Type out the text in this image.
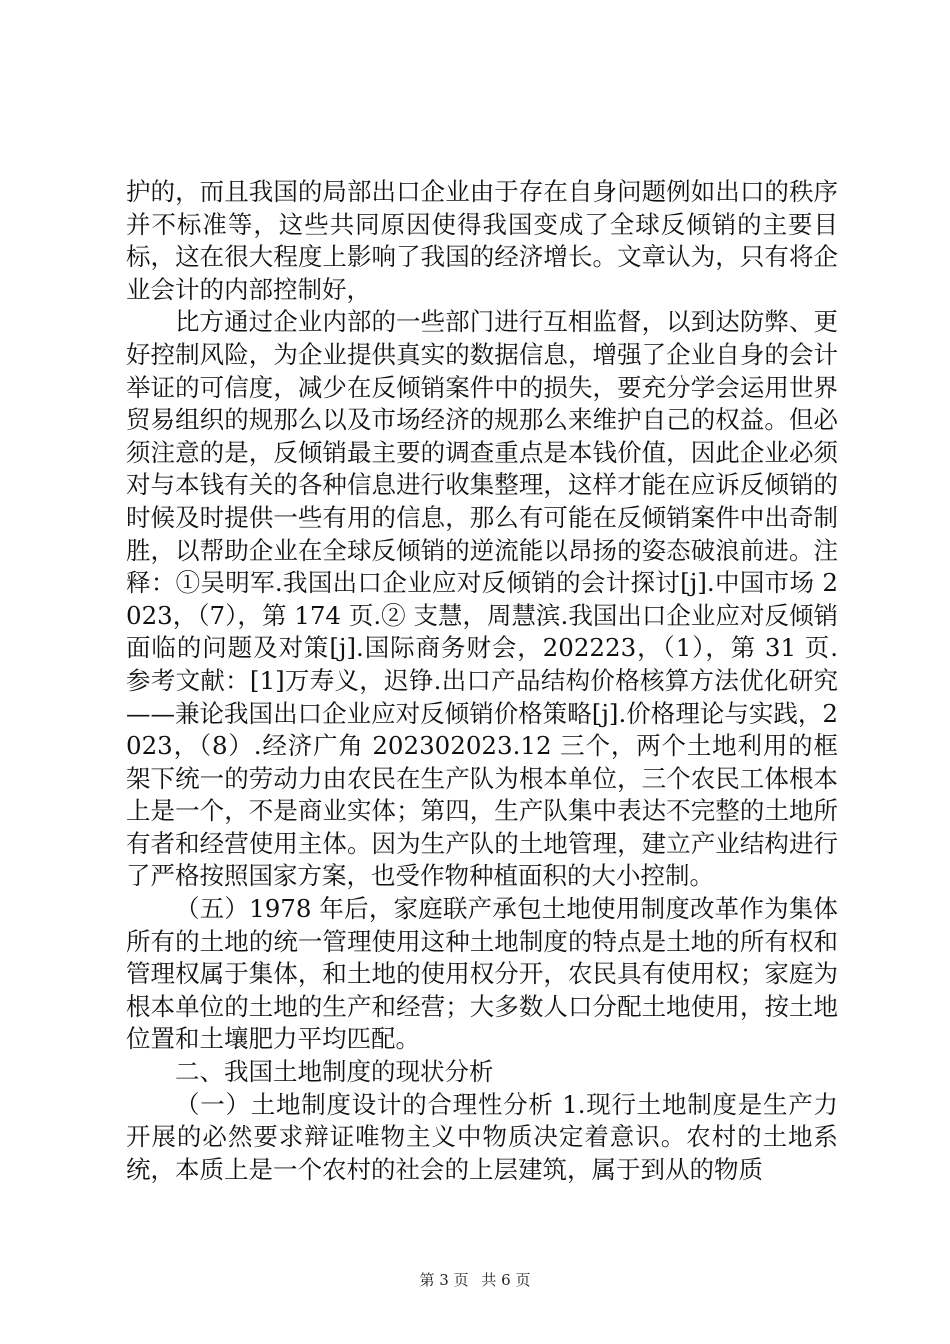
护的，而且我国的局部出口企业由于存在自身问题例如出口的秩序并不标准等，这些共同原因使得我国变成了全球反倾销的主要目标，这在很大程度上影响了我国的经济增长。文章认为，只有将企业会计的内部控制好，

比方通过企业内部的一些部门进行互相监督，以到达防弊、更好控制风险，为企业提供真实的数据信息，增强了企业自身的会计举证的可信度，减少在反倾销案件中的损失，要充分学会运用世界贸易组织的规那么以及市场经济的规那么来维护自己的权益。但必须注意的是，反倾销最主要的调查重点是本钱价值，因此企业必须对与本钱有关的各种信息进行收集整理，这样才能在应诉反倾销的时候及时提供一些有用的信息，那么有可能在反倾销案件中出奇制胜，以帮助企业在全球反倾销的逆流能以昂扬的姿态破浪前进。注释：①吴明军.我国出口企业应对反倾销的会计探讨[j].中国市场 2023，（7），第 174 页.② 支慧，周慧滨.我国出口企业应对反倾销面临的问题及对策[j].国际商务财会，202223，（1），第 31 页.参考文献：[1]万寿义，迟铮.出口产品结构价格核算方法优化研究——兼论我国出口企业应对反倾销价格策略[j].价格理论与实践，2023，（8）.经济广角 202302023.12 三个，两个土地利用的框架下统一的劳动力由农民在生产队为根本单位，三个农民工体根本上是一个，不是商业实体；第四，生产队集中表达不完整的土地所有者和经营使用主体。因为生产队的土地管理，建立产业结构进行了严格按照国家方案，也受作物种植面积的大小控制。

（五）1978 年后，家庭联产承包土地使用制度改革作为集体所有的土地的统一管理使用这种土地制度的特点是土地的所有权和管理权属于集体，和土地的使用权分开，农民具有使用权；家庭为根本单位的土地的生产和经营；大多数人口分配土地使用，按土地位置和土壤肥力平均匹配。

二、我国土地制度的现状分析

（一）土地制度设计的合理性分析 1.现行土地制度是生产力开展的必然要求辩证唯物主义中物质决定着意识。农村的土地系统，本质上是一个农村的社会的上层建筑，属于到从的物质

第 3 页 共 6 页
